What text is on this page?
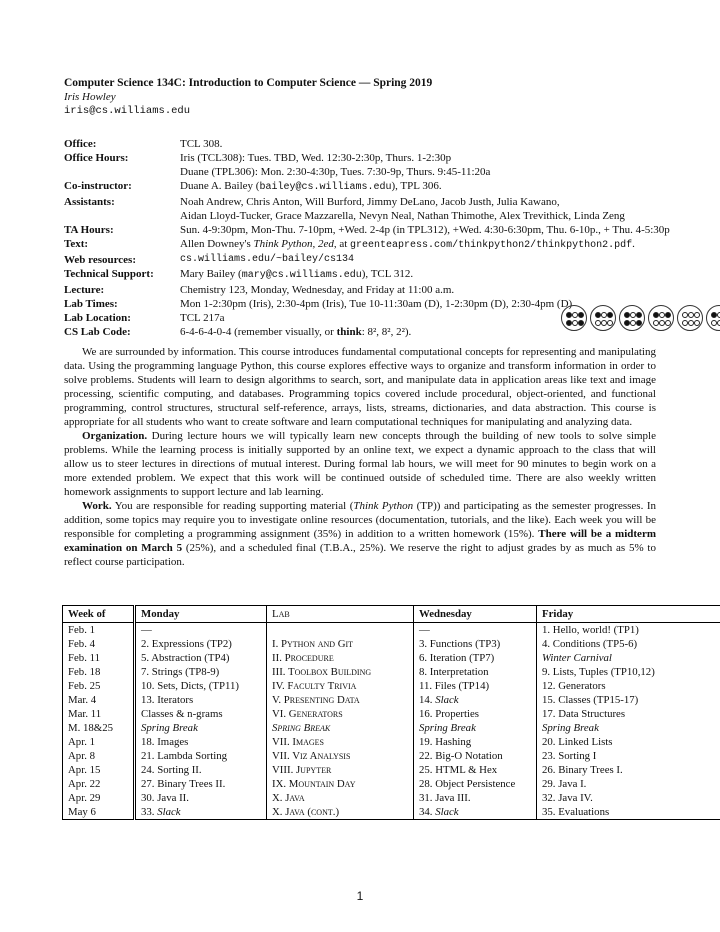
Computer Science 134C: Introduction to Computer Science — Spring 2019
Iris Howley
iris@cs.williams.edu
Office:	TCL 308.
Office Hours:	Iris (TCL308): Tues. TBD, Wed. 12:30-2:30p, Thurs. 1-2:30p
Duane (TPL306): Mon. 2:30-4:30p, Tues. 7:30-9p, Thurs. 9:45-11:20a
Co-instructor:	Duane A. Bailey (bailey@cs.williams.edu), TPL 306.
Assistants:	Noah Andrew, Chris Anton, Will Burford, Jimmy DeLano, Jacob Justh, Julia Kawano,
Aidan Lloyd-Tucker, Grace Mazzarella, Nevyn Neal, Nathan Thimothe, Alex Trevithick, Linda Zeng
TA Hours:	Sun. 4-9:30pm, Mon-Thu. 7-10pm, +Wed. 2-4p (in TPL312), +Wed. 4:30-6:30pm, Thu. 6-10p., + Thu. 4-5:30p
Text:	Allen Downey's Think Python, 2ed, at greenteapress.com/thinkpython2/thinkpython2.pdf.
Web resources:	cs.williams.edu/~bailey/cs134
Technical Support:	Mary Bailey (mary@cs.williams.edu), TCL 312.
Lecture:	Chemistry 123, Monday, Wednesday, and Friday at 11:00 a.m.
Lab Times:	Mon 1-2:30pm (Iris), 2:30-4pm (Iris), Tue 10-11:30am (D), 1-2:30pm (D), 2:30-4pm (D)
Lab Location:	TCL 217a
CS Lab Code:	6-4-6-4-0-4 (remember visually, or think: 8², 8², 2²).

We are surrounded by information. This course introduces fundamental computational concepts for representing and manipulating data. Using the programming language Python, this course explores effective ways to organize and transform information in order to solve problems. Students will learn to design algorithms to search, sort, and manipulate data in application areas like text and image processing, scientific computing, and databases. Programming topics covered include procedural, object-oriented, and functional programming, control structures, structural self-reference, arrays, lists, streams, dictionaries, and data abstraction. This course is appropriate for all students who want to create software and learn computational techniques for manipulating and analyzing data.

Organization. During lecture hours we will typically learn new concepts through the building of new tools to solve simple problems. While the learning process is initially supported by an online text, we expect a dynamic approach to the class that will allow us to steer lectures in directions of mutual interest. During formal lab hours, we will meet for 90 minutes to begin work on a more extended problem. We expect that this work will be continued outside of scheduled time. There are also weekly written homework assignments to support lecture and lab learning.

Work. You are responsible for reading supporting material (Think Python (TP)) and participating as the semester progresses. In addition, some topics may require you to investigate online resources (documentation, tutorials, and the like). Each week you will be responsible for completing a programming assignment (35%) in addition to a written homework (15%). There will be a midterm examination on March 5 (25%), and a scheduled final (T.B.A., 25%). We reserve the right to adjust grades by as much as 5% to reflect course participation.

Week of	Monday	Lab	Wednesday	Friday
Feb. 1	—		—	1. Hello, world! (TP1)
Feb. 4	2. Expressions (TP2)	I. Python and Git	3. Functions (TP3)	4. Conditions (TP5-6)
Feb. 11	5. Abstraction (TP4)	II. Procedure	6. Iteration (TP7)	Winter Carnival
Feb. 18	7. Strings (TP8-9)	III. Toolbox Building	8. Interpretation	9. Lists, Tuples (TP10,12)
Feb. 25	10. Sets, Dicts, (TP11)	IV. Faculty Trivia	11. Files (TP14)	12. Generators
Mar. 4	13. Iterators	V. Presenting Data	14. Slack	15. Classes (TP15-17)
Mar. 11	Classes & n-grams	VI. Generators	16. Properties	17. Data Structures
M. 18&25	Spring Break	Spring Break	Spring Break	Spring Break
Apr. 1	18. Images	VII. Images	19. Hashing	20. Linked Lists
Apr. 8	21. Lambda Sorting	VII. Viz Analysis	22. Big-O Notation	23. Sorting I
Apr. 15	24. Sorting II.	VIII. Jupyter	25. HTML & Hex	26. Binary Trees I.
Apr. 22	27. Binary Trees II.	IX. Mountain Day	28. Object Persistence	29. Java I.
Apr. 29	30. Java II.	X. Java	31. Java III.	32. Java IV.
May 6	33. Slack	X. Java (cont.)	34. Slack	35. Evaluations
1
